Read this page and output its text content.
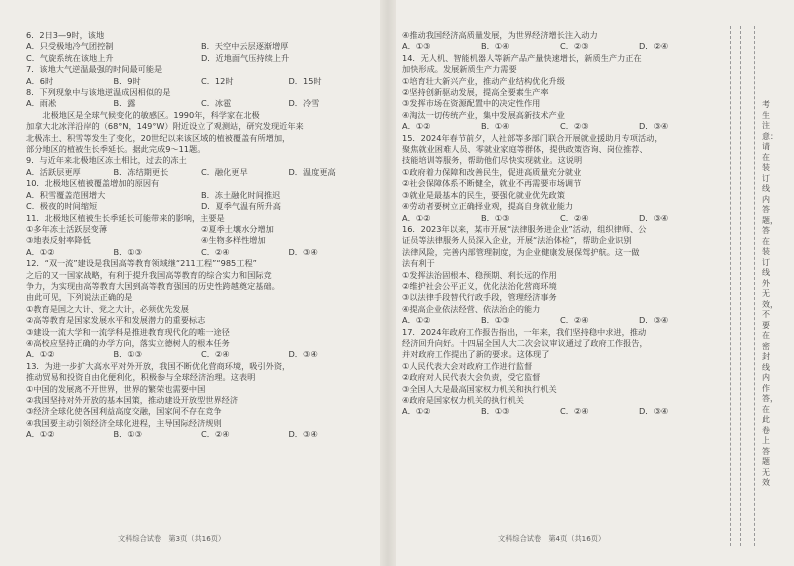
6．2日3—9时，该地

A．只受极地冷气团控制	B．天空中云层逐渐增厚
C．气旋系统在该地上升	D．近地面气压持续上升

7．该地大气逆温最强的时间最可能是

A．6时	B．9时	C．12时	D．15时

8．下列现象中与该地逆温成因相似的是

A．雨凇	B．露	C．冰雹	D．冷雪

　　北极地区是全球气候变化的敏感区。1990年，科学家在北极

加拿大北冰洋沿岸的（68°N，149°W）附近设立了观测站，研究发现近年来

北极冻土、积雪等发生了变化，20世纪以来该区域的植被覆盖有所增加，

部分地区的植被生长季延长。据此完成9～11题。

9．与近年来北极地区冻土相比，过去的冻土

A．活跃层更厚	B．冻结期更长	C．融化更早	D．温度更高

10．北极地区植被覆盖增加的原因有

A．积雪覆盖范围增大	B．冻土融化时间推迟
C．极夜的时间缩短	D．夏季气温有所升高

11．北极地区植被生长季延长可能带来的影响，主要是

①多年冻土活跃层变薄	②夏季土壤水分增加
③地表反射率降低	④生物多样性增加
A．①②	B．①③	C．②④	D．③④

12．“双一流”建设是我国高等教育领域继“211工程”“985工程”

之后的又一国家战略，有利于提升我国高等教育的综合实力和国际竞

争力，为实现由高等教育大国到高等教育强国的历史性跨越奠定基础。

由此可见，下列说法正确的是

①教育是国之大计、党之大计，必须优先发展

②高等教育是国家发展水平和发展潜力的重要标志

③建设一流大学和一流学科是推进教育现代化的唯一途径

④高校应坚持正确的办学方向，落实立德树人的根本任务

A．①②	B．①③	C．②④	D．③④

13．为进一步扩大高水平对外开放，我国不断优化营商环境，吸引外资，

推动贸易和投资自由化便利化，积极参与全球经济治理。这表明

①中国的发展离不开世界，世界的繁荣也需要中国

②我国坚持对外开放的基本国策，推动建设开放型世界经济

③经济全球化使各国利益高度交融，国家间不存在竞争

④我国要主动引领经济全球化进程，主导国际经济规则

A．①②	B．①③	C．②④	D．③④

④推动我国经济高质量发展，为世界经济增长注入动力

A．①③	B．①④	C．②③	D．②④

14．无人机、智能机器人等新产品产量快速增长，新质生产力正在

加快形成。发展新质生产力需要

①培育壮大新兴产业，推动产业结构优化升级

②坚持创新驱动发展，提高全要素生产率

③发挥市场在资源配置中的决定性作用

④淘汰一切传统产业，集中发展高新技术产业

A．①②	B．①④	C．②③	D．③④

15．2024年春节前夕，人社部等多部门联合开展就业援助月专项活动，

聚焦就业困难人员、零就业家庭等群体，提供政策咨询、岗位推荐、

技能培训等服务，帮助他们尽快实现就业。这说明

①政府着力保障和改善民生，促进高质量充分就业

②社会保障体系不断健全，就业不再需要市场调节

③就业是最基本的民生，要强化就业优先政策

④劳动者要树立正确择业观，提高自身就业能力

A．①②	B．①③	C．②④	D．③④

16．2023年以来，某市开展“法律服务进企业”活动，组织律师、公

证员等法律服务人员深入企业，开展“法治体检”，帮助企业识别

法律风险，完善内部管理制度，为企业健康发展保驾护航。这一做

法有利于

①发挥法治固根本、稳预期、利长远的作用

②维护社会公平正义，优化法治化营商环境

③以法律手段替代行政手段，管理经济事务

④提高企业依法经营、依法治企的能力

A．①②	B．①③	C．②④	D．③④

17．2024年政府工作报告指出，一年来，我们坚持稳中求进，推动

经济回升向好。十四届全国人大二次会议审议通过了政府工作报告，

并对政府工作提出了新的要求。这体现了

①人民代表大会对政府工作进行监督

②政府对人民代表大会负责，受它监督

③全国人大是最高国家权力机关和执行机关

④政府是国家权力机关的执行机关

A．①②	B．①③	C．②④	D．③④
文科综合试卷　第3页（共16页）	文科综合试卷　第4页（共16页）
考生注意：请在装订线内答题，答在装订线外无效，不要在密封线内作答，在此卷上答题无效
